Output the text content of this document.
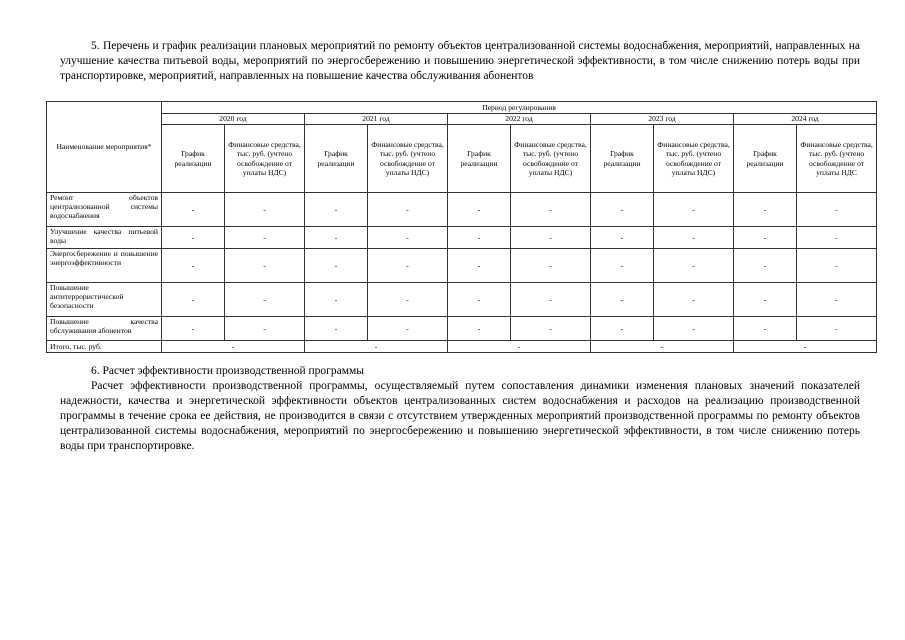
5. Перечень и график реализации плановых мероприятий по ремонту объектов централизованной системы водоснабжения, мероприятий, направленных на улучшение качества питьевой воды, мероприятий по энергосбережению и повышению энергетической эффективности, в том числе снижению потерь воды при транспортировке, мероприятий, направленных на повышение качества обслуживания абонентов
Наименование мероприятия*	Период регулирования									
	2020 год		2021 год		2022 год		2023 год		2024 год	
	График реализации	Финансовые средства, тыс. руб. (учтено освобождение от уплаты НДС)	График реализации	Финансовые средства, тыс. руб. (учтено освобождение от уплаты НДС)	График реализации	Финансовые средства, тыс. руб. (учтено освобождение от уплаты НДС)	График реализации	Финансовые средства, тыс. руб. (учтено освобождение от уплаты НДС)	График реализации	Финансовые средства, тыс. руб. (учтено освобождение от уплаты НДС
Ремонт объектов централизованной системы водоснабжения	-	-	-	-	-	-	-	-	-	-
Улучшение качества питьевой воды	-	-	-	-	-	-	-	-	-	-
Энергосбережение и повышение энергоэффективности	-	-	-	-	-	-	-	-	-	-
Повышение антитеррористической безопасности	-	-	-	-	-	-	-	-	-	-
Повышение качества обслуживания абонентов	-	-	-	-	-	-	-	-	-	-
Итого, тыс. руб.	-		-		-		-		-	
6. Расчет эффективности производственной программы
Расчет эффективности производственной программы, осуществляемый путем сопоставления динамики изменения плановых значений показателей надежности, качества и энергетической эффективности объектов централизованных систем водоснабжения и расходов на реализацию производственной программы в течение срока ее действия, не производится в связи с отсутствием утвержденных мероприятий производственной программы по ремонту объектов централизованной системы водоснабжения, мероприятий по энергосбережению и повышению энергетической эффективности, в том числе снижению потерь воды при транспортировке.
